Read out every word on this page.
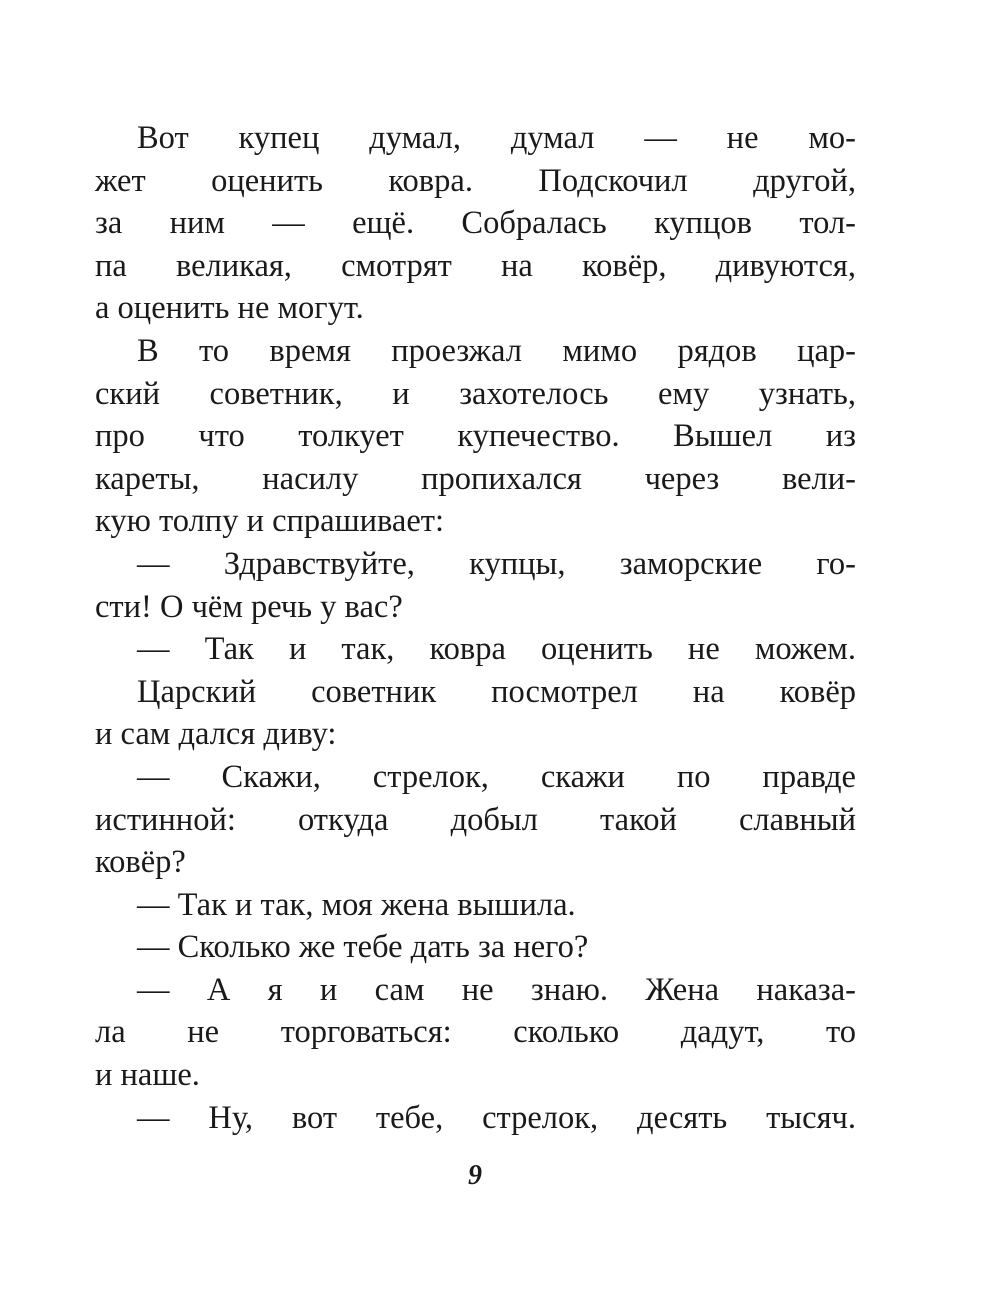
Вот купец думал, думал — не мо-
жет оценить ковра. Подскочил другой,
за ним — ещё. Собралась купцов тол-
па великая, смотрят на ковёр, дивуются,
а оценить не могут.
В то время проезжал мимо рядов цар-
ский советник, и захотелось ему узнать,
про что толкует купечество. Вышел из
кареты, насилу пропихался через вели-
кую толпу и спрашивает:
— Здравствуйте, купцы, заморские го-
сти! О чём речь у вас?
— Так и так, ковра оценить не можем.
Царский советник посмотрел на ковёр
и сам дался диву:
— Скажи, стрелок, скажи по правде
истинной: откуда добыл такой славный
ковёр?
— Так и так, моя жена вышила.
— Сколько же тебе дать за него?
— А я и сам не знаю. Жена наказа-
ла не торговаться: сколько дадут, то
и наше.
— Ну, вот тебе, стрелок, десять тысяч.
9
